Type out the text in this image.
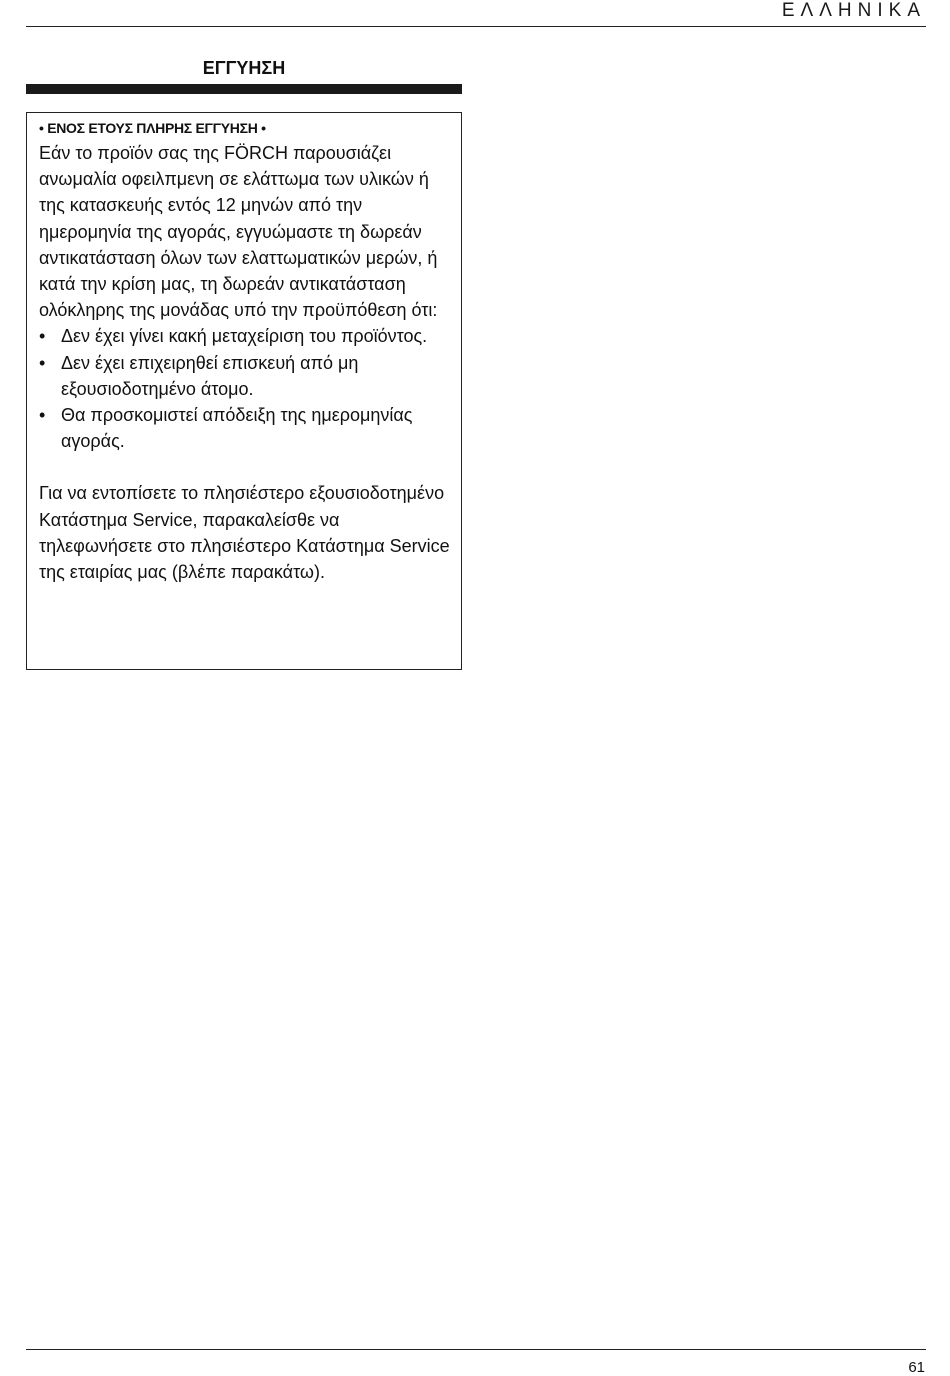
ΕΛΛΗΝΙΚΑ
ΕΓΓΥΗΣΗ
• ΕΝΟΣ ΕΤΟΥΣ ΠΛΗΡΗΣ ΕΓΓΥΗΣΗ •

Εάν το προϊόν σας της FÖRCH παρουσιάζει ανωμαλία οφειλπμενη σε ελάττωμα των υλικών ή της κατασκευής εντός 12 μηνών από την ημερομηνία της αγοράς, εγγυώμαστε τη δωρεάν αντικατάσταση όλων των ελαττωματικών μερών, ή κατά την κρίση μας, τη δωρεάν αντικατάσταση ολόκληρης της μονάδας υπό την προϋπόθεση ότι:

• Δεν έχει γίνει κακή μεταχείριση του προϊόντος.
• Δεν έχει επιχειρηθεί επισκευή από μη εξουσιοδοτημένο άτομο.
• Θα προσκομιστεί απόδειξη της ημερομηνίας αγοράς.

Για να εντοπίσετε το πλησιέστερο εξουσιοδοτημένο Κατάστημα Service, παρακαλείσθε να τηλεφωνήσετε στο πλησιέστερο Κατάστημα Service της εταιρίας μας (βλέπε παρακάτω).

61
